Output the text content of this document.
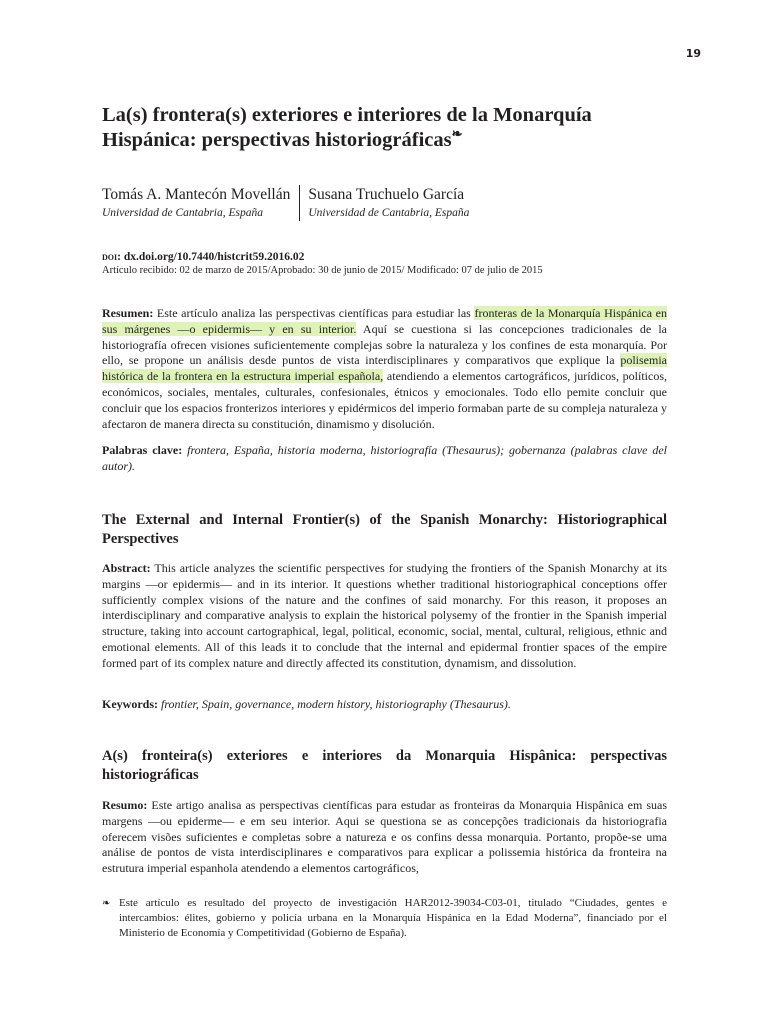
19
La(s) frontera(s) exteriores e interiores de la Monarquía Hispánica: perspectivas historiográficas❧
Tomás A. Mantecón Movellán
Universidad de Cantabria, España
Susana Truchuelo García
Universidad de Cantabria, España
doi: dx.doi.org/10.7440/histcrit59.2016.02
Artículo recibido: 02 de marzo de 2015/Aprobado: 30 de junio de 2015/ Modificado: 07 de julio de 2015

Resumen: Este artículo analiza las perspectivas científicas para estudiar las fronteras de la Monarquía Hispánica en sus márgenes —o epidermis— y en su interior. Aquí se cuestiona si las concepciones tradicionales de la historiografía ofrecen visiones suficientemente complejas sobre la naturaleza y los confines de esta monarquía. Por ello, se propone un análisis desde puntos de vista interdisciplinares y comparativos que explique la polisemia histórica de la frontera en la estructura imperial española, atendiendo a elementos cartográficos, jurídicos, políticos, económicos, sociales, mentales, culturales, confesionales, étnicos y emocionales. Todo ello pemite concluir que concluir que los espacios fronterizos interiores y epidérmicos del imperio formaban parte de su compleja naturaleza y afectaron de manera directa su constitución, dinamismo y disolución.

Palabras clave: frontera, España, historia moderna, historiografía (Thesaurus); gobernanza (palabras clave del autor).

The External and Internal Frontier(s) of the Spanish Monarchy: Historiographical Perspectives

Abstract: This article analyzes the scientific perspectives for studying the frontiers of the Spanish Monarchy at its margins —or epidermis— and in its interior. It questions whether traditional historiographical conceptions offer sufficiently complex visions of the nature and the confines of said monarchy. For this reason, it proposes an interdisciplinary and comparative analysis to explain the historical polysemy of the frontier in the Spanish imperial structure, taking into account cartographical, legal, political, economic, social, mental, cultural, religious, ethnic and emotional elements. All of this leads it to conclude that the internal and epidermal frontier spaces of the empire formed part of its complex nature and directly affected its constitution, dynamism, and dissolution.

Keywords: frontier, Spain, governance, modern history, historiography (Thesaurus).

A(s) fronteira(s) exteriores e interiores da Monarquia Hispânica: perspectivas historiográficas

Resumo: Este artigo analisa as perspectivas científicas para estudar as fronteiras da Monarquia Hispânica em suas margens —ou epiderme— e em seu interior. Aqui se questiona se as concepções tradicionais da historiografia oferecem visões suficientes e completas sobre a natureza e os confins dessa monarquia. Portanto, propõe-se uma análise de pontos de vista interdisciplinares e comparativos para explicar a polissemia histórica da fronteira na estrutura imperial espanhola atendendo a elementos cartográficos,

❧ Este artículo es resultado del proyecto de investigación HAR2012-39034-C03-01, titulado “Ciudades, gentes e intercambios: élites, gobierno y policía urbana en la Monarquía Hispánica en la Edad Moderna”, financiado por el Ministerio de Economía y Competitividad (Gobierno de España).
